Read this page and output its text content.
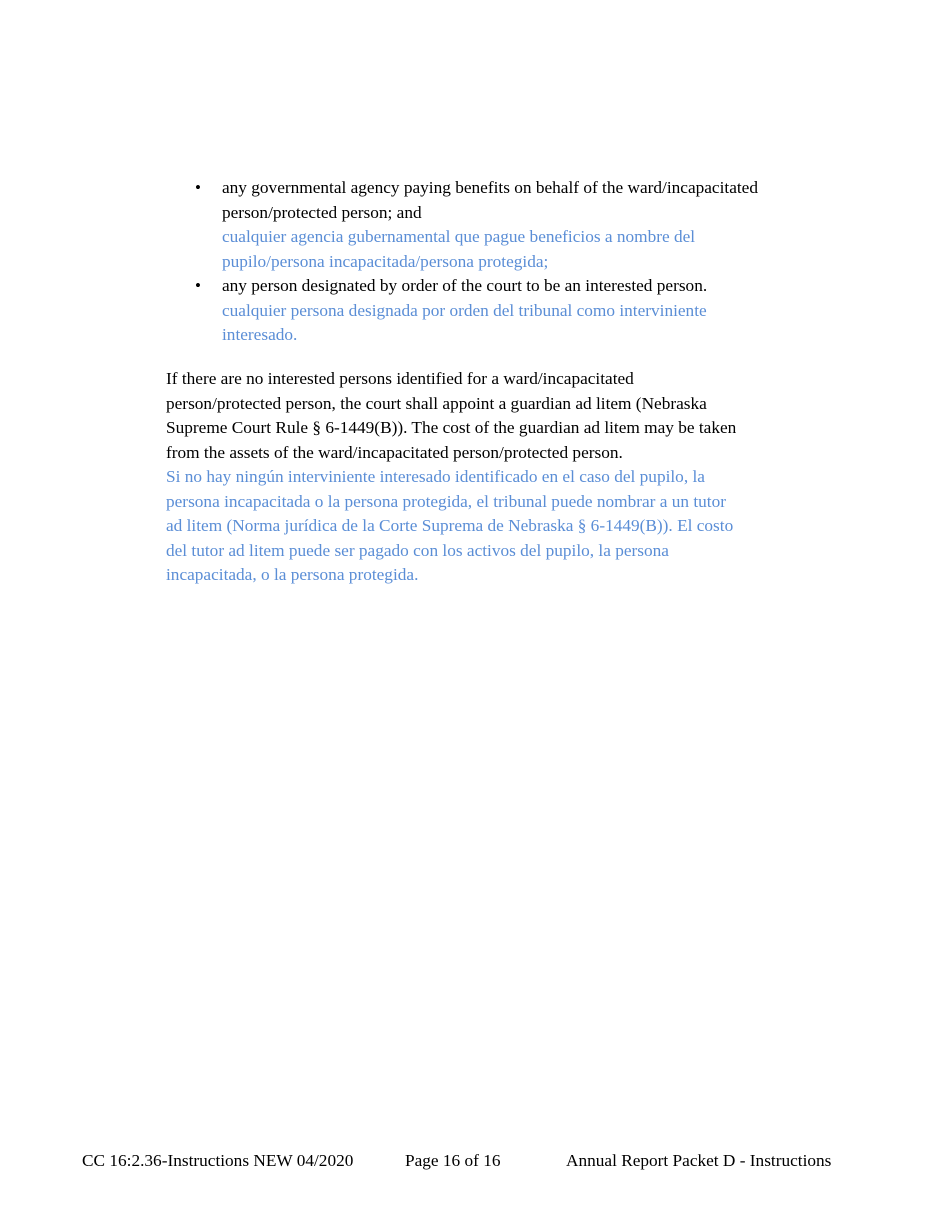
• any governmental agency paying benefits on behalf of the ward/incapacitated
person/protected person; and
cualquier agencia gubernamental que pague beneficios a nombre del
pupilo/persona incapacitada/persona protegida;
• any person designated by order of the court to be an interested person.
cualquier persona designada por orden del tribunal como interviniente
interesado.
If there are no interested persons identified for a ward/incapacitated
person/protected person, the court shall appoint a guardian ad litem (Nebraska
Supreme Court Rule § 6-1449(B)). The cost of the guardian ad litem may be taken
from the assets of the ward/incapacitated person/protected person.
Si no hay ningún interviniente interesado identificado en el caso del pupilo, la
persona incapacitada o la persona protegida, el tribunal puede nombrar a un tutor
ad litem (Norma jurídica de la Corte Suprema de Nebraska § 6-1449(B)). El costo
del tutor ad litem puede ser pagado con los activos del pupilo, la persona
incapacitada, o la persona protegida.
CC 16:2.36-Instructions NEW 04/2020	Page 16 of 16	Annual Report Packet D - Instructions
